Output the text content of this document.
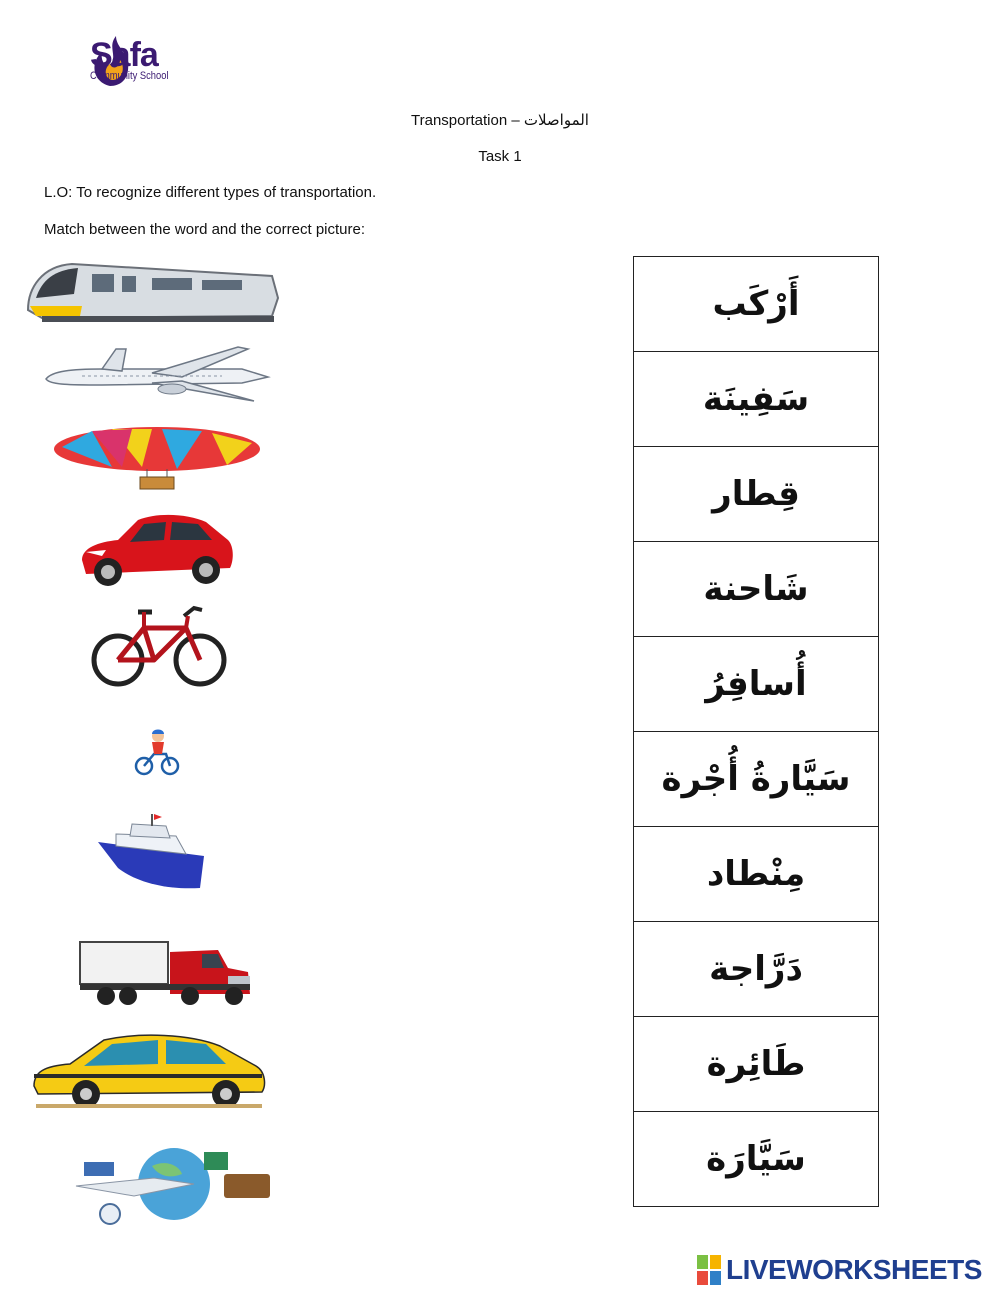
Safa
Community School
Transportation – المواصلات
Task 1
L.O: To recognize different types of transportation.
Match between the word and the correct picture:
أَرْكَب
سَفِينَة
قِطار
شَاحنة
أُسافِرُ
سَيَّارةُ أُجْرة
مِنْطاد
دَرَّاجة
طَائِرة
سَيَّارَة
LIVEWORKSHEETS
